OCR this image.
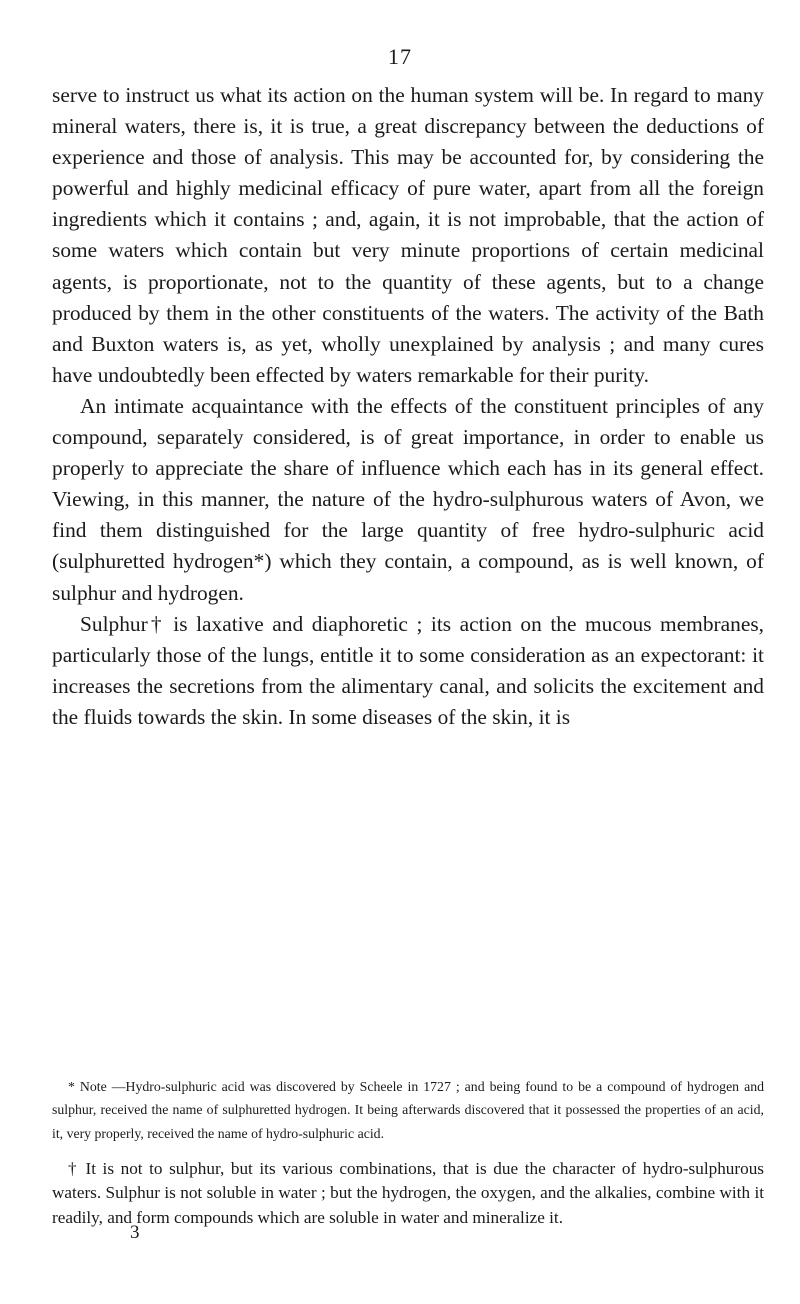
17

serve to instruct us what its action on the human system will be. In regard to many mineral waters, there is, it is true, a great discrepancy between the deductions of experience and those of analysis. This may be accounted for, by considering the powerful and highly medicinal efficacy of pure water, apart from all the foreign ingredients which it contains ; and, again, it is not improbable, that the action of some waters which contain but very minute proportions of certain medicinal agents, is proportionate, not to the quantity of these agents, but to a change produced by them in the other constituents of the waters. The activity of the Bath and Buxton waters is, as yet, wholly unexplained by analysis ; and many cures have undoubtedly been effected by waters remarkable for their purity.

An intimate acquaintance with the effects of the constituent principles of any compound, separately considered, is of great importance, in order to enable us properly to appreciate the share of influence which each has in its general effect. Viewing, in this manner, the nature of the hydro-sulphurous waters of Avon, we find them distinguished for the large quantity of free hydro-sulphuric acid (sulphuretted hydrogen*) which they contain, a compound, as is well known, of sulphur and hydrogen.

Sulphur† is laxative and diaphoretic ; its action on the mucous membranes, particularly those of the lungs, entitle it to some consideration as an expectorant: it increases the secretions from the alimentary canal, and solicits the excitement and the fluids towards the skin. In some diseases of the skin, it is

* Note —Hydro-sulphuric acid was discovered by Scheele in 1727 ; and being found to be a compound of hydrogen and sulphur, received the name of sulphuretted hydrogen. It being afterwards discovered that it possessed the properties of an acid, it, very properly, received the name of hydro-sulphuric acid.

† It is not to sulphur, but its various combinations, that is due the character of hydro-sulphurous waters. Sulphur is not soluble in water ; but the hydrogen, the oxygen, and the alkalies, combine with it readily, and form compounds which are soluble in water and mineralize it.

3
